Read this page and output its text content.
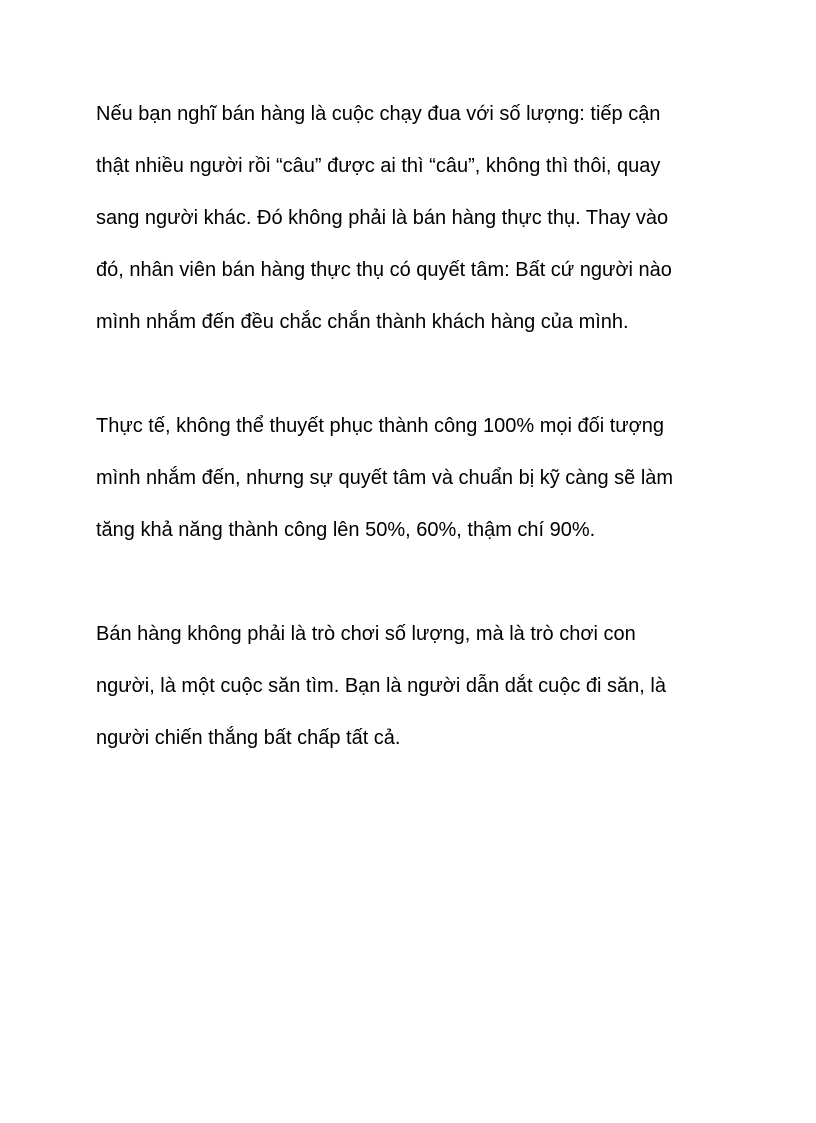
Nếu bạn nghĩ bán hàng là cuộc chạy đua với số lượng: tiếp cận
thật nhiều người rồi “câu” được ai thì “câu”, không thì thôi, quay
sang người khác. Đó không phải là bán hàng thực thụ. Thay vào
đó, nhân viên bán hàng thực thụ có quyết tâm: Bất cứ người nào
mình nhắm đến đều chắc chắn thành khách hàng của mình.

Thực tế, không thể thuyết phục thành công 100% mọi đối tượng
mình nhắm đến, nhưng sự quyết tâm và chuẩn bị kỹ càng sẽ làm
tăng khả năng thành công lên 50%, 60%, thậm chí 90%.

Bán hàng không phải là trò chơi số lượng, mà là trò chơi con
người, là một cuộc săn tìm. Bạn là người dẫn dắt cuộc đi săn, là
người chiến thắng bất chấp tất cả.
